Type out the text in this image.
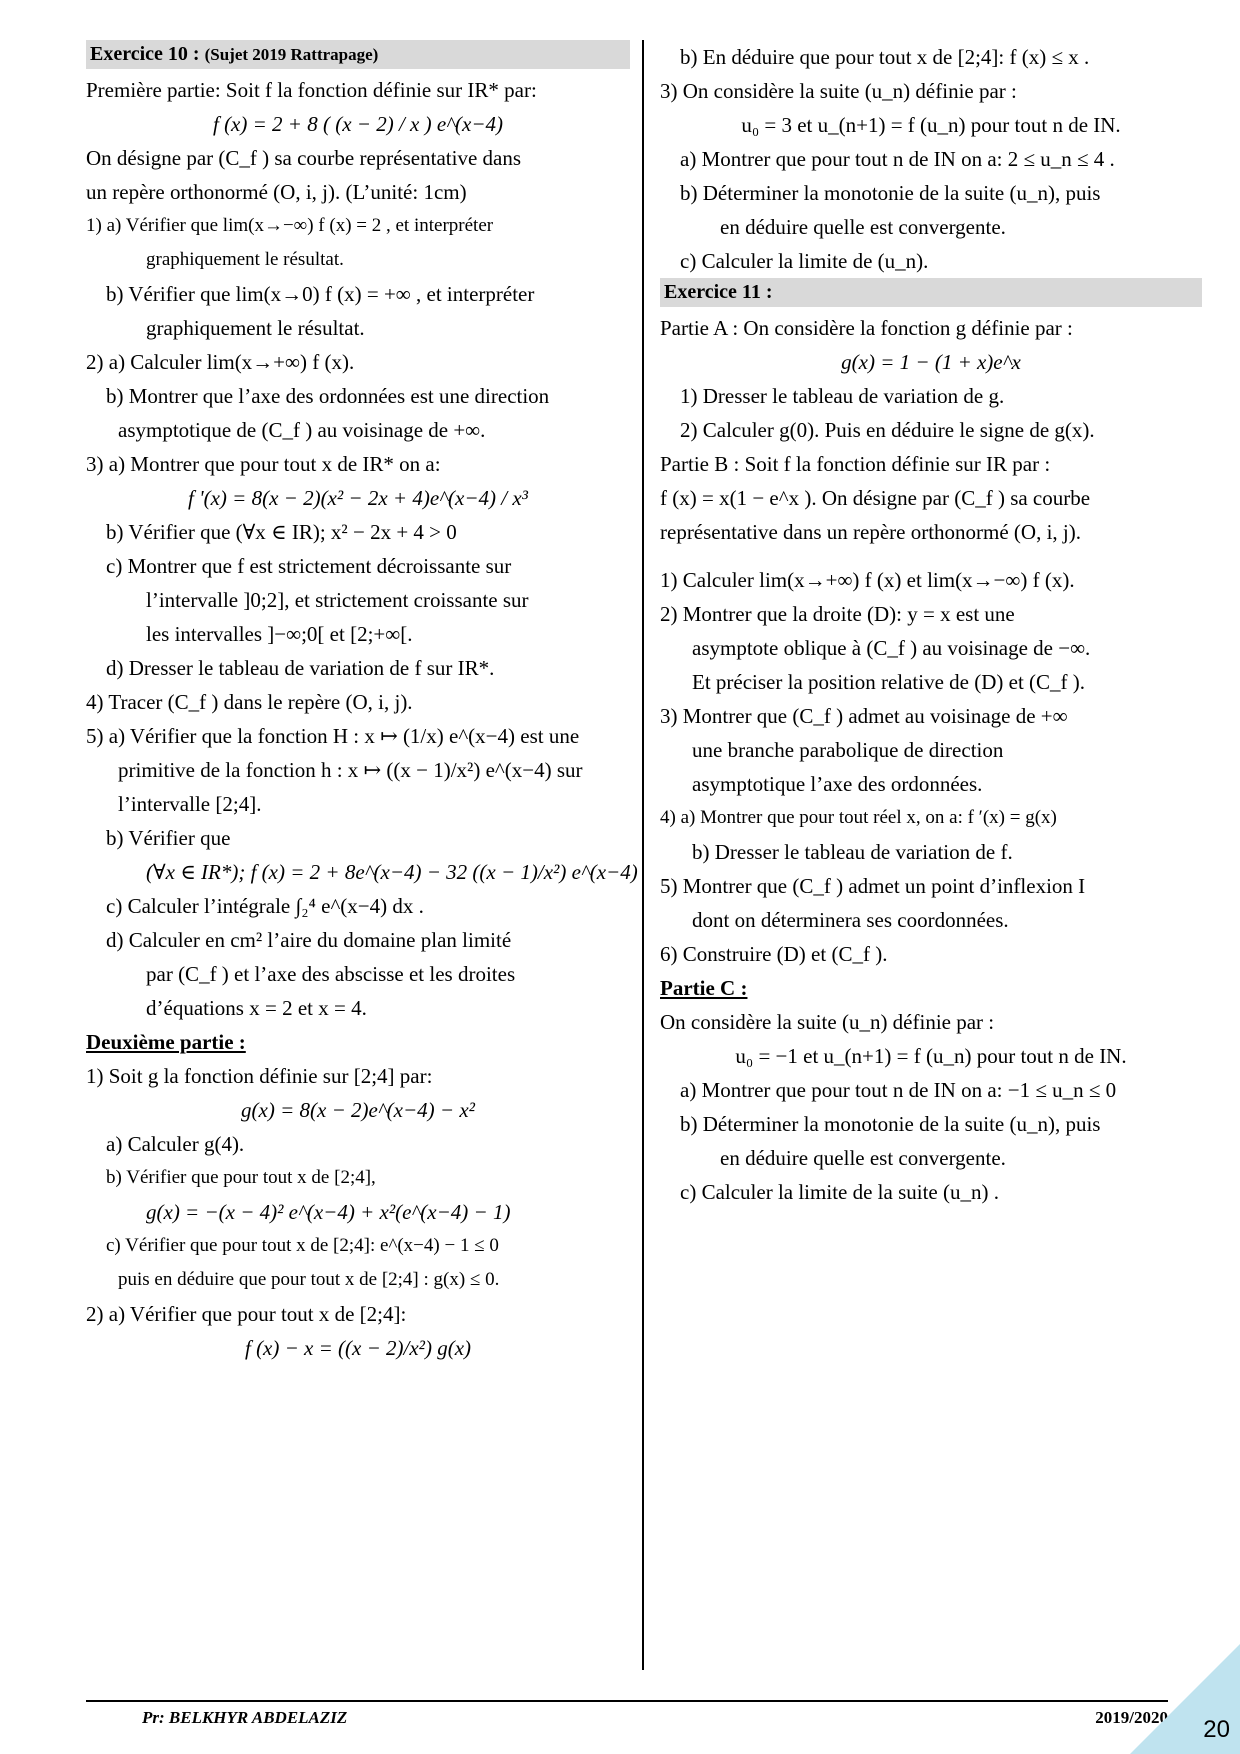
Exercice 10 : (Sujet 2019 Rattrapage)
Première partie: Soit f la fonction définie sur IR* par:
f (x) = 2 + 8 ( (x − 2) / x ) e^(x−4)
On désigne par (C_f ) sa courbe représentative dans
un repère orthonormé (O, i, j). (L’unité: 1cm)
1) a) Vérifier que lim(x→−∞) f (x) = 2 , et interpréter
graphiquement le résultat.
b) Vérifier que lim(x→0) f (x) = +∞ , et interpréter
graphiquement le résultat.
2) a) Calculer lim(x→+∞) f (x).
b) Montrer que l’axe des ordonnées est une direction
asymptotique de (C_f ) au voisinage de +∞.
3) a) Montrer que pour tout x de IR* on a:
f '(x) = 8(x − 2)(x² − 2x + 4)e^(x−4) / x³
b) Vérifier que (∀x ∈ IR); x² − 2x + 4 > 0
c) Montrer que f est strictement décroissante sur
l’intervalle ]0;2], et strictement croissante sur
les intervalles ]−∞;0[ et [2;+∞[.
d) Dresser le tableau de variation de f sur IR*.
4) Tracer (C_f ) dans le repère (O, i, j).
5) a) Vérifier que la fonction H : x ↦ (1/x) e^(x−4) est une
primitive de la fonction h : x ↦ ((x − 1)/x²) e^(x−4) sur
l’intervalle [2;4].
b) Vérifier que
(∀x ∈ IR*); f (x) = 2 + 8e^(x−4) − 32 ((x − 1)/x²) e^(x−4)
c) Calculer l’intégrale ∫₂⁴ e^(x−4) dx .
d) Calculer en cm² l’aire du domaine plan limité
par (C_f ) et l’axe des abscisse et les droites
d’équations x = 2 et x = 4.
Deuxième partie :
1) Soit g la fonction définie sur [2;4] par:
g(x) = 8(x − 2)e^(x−4) − x²
a) Calculer g(4).
b) Vérifier que pour tout x de [2;4],
g(x) = −(x − 4)² e^(x−4) + x²(e^(x−4) − 1)
c) Vérifier que pour tout x de [2;4]: e^(x−4) − 1 ≤ 0
puis en déduire que pour tout x de [2;4] : g(x) ≤ 0.
2) a) Vérifier que pour tout x de [2;4]:
f (x) − x = ((x − 2)/x²) g(x)
b) En déduire que pour tout x de [2;4]: f (x) ≤ x .
3) On considère la suite (u_n) définie par :
u₀ = 3 et u_(n+1) = f (u_n) pour tout n de IN.
a) Montrer que pour tout n de IN on a: 2 ≤ u_n ≤ 4 .
b) Déterminer la monotonie de la suite (u_n), puis
en déduire quelle est convergente.
c) Calculer la limite de (u_n).
Exercice 11 :
Partie A : On considère la fonction g définie par :
g(x) = 1 − (1 + x)e^x
1) Dresser le tableau de variation de g.
2) Calculer g(0). Puis en déduire le signe de g(x).
Partie B : Soit f la fonction définie sur IR par :
f (x) = x(1 − e^x ). On désigne par (C_f ) sa courbe
représentative dans un repère orthonormé (O, i, j).
1) Calculer lim(x→+∞) f (x) et lim(x→−∞) f (x).
2) Montrer que la droite (D): y = x est une
asymptote oblique à (C_f ) au voisinage de −∞.
Et préciser la position relative de (D) et (C_f ).
3) Montrer que (C_f ) admet au voisinage de +∞
une branche parabolique de direction
asymptotique l’axe des ordonnées.
4) a) Montrer que pour tout réel x, on a: f ′(x) = g(x)
b) Dresser le tableau de variation de f.
5) Montrer que (C_f ) admet un point d’inflexion I
dont on déterminera ses coordonnées.
6) Construire (D) et (C_f ).
Partie C :
On considère la suite (u_n) définie par :
u₀ = −1 et u_(n+1) = f (u_n) pour tout n de IN.
a) Montrer que pour tout n de IN on a: −1 ≤ u_n ≤ 0
b) Déterminer la monotonie de la suite (u_n), puis
en déduire quelle est convergente.
c) Calculer la limite de la suite (u_n) .
Pr: BELKHYR ABDELAZIZ	2019/2020 20
